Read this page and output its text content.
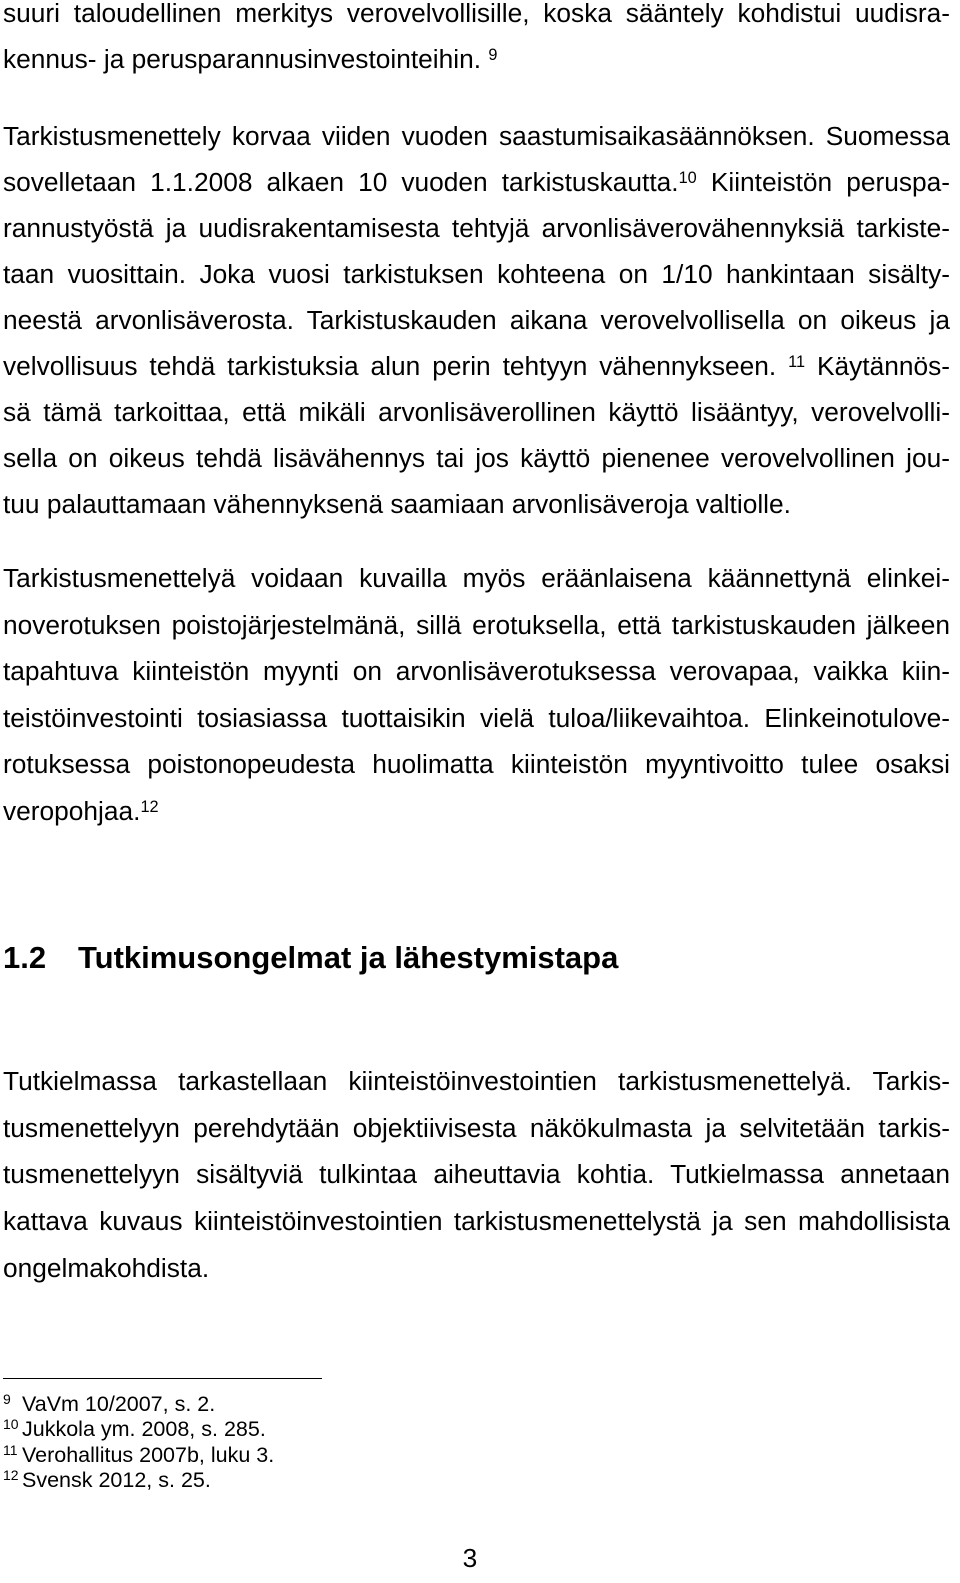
suuri taloudellinen merkitys verovelvollisille, koska sääntely kohdistui uudisra-
kennus- ja perusparannusinvestointeihin. $^9$
Tarkistusmenettely korvaa viiden vuoden saastumisaikasäännöksen. Suomessa
sovelletaan 1.1.2008 alkaen 10 vuoden tarkistuskautta.$^{10}$ Kiinteistön peruspa-
rannustyöstä ja uudisrakentamisesta tehtyjä arvonlisäverovähennyksiä tarkiste-
taan vuosittain. Joka vuosi tarkistuksen kohteena on 1/10 hankintaan sisälty-
neestä arvonlisäverosta. Tarkistuskauden aikana verovelvollisella on oikeus ja
velvollisuus tehdä tarkistuksia alun perin tehtyyn vähennykseen. $^{11}$ Käytännös-
sä tämä tarkoittaa, että mikäli arvonlisäverollinen käyttö lisääntyy, verovelvolli-
sella on oikeus tehdä lisävähennys tai jos käyttö pienenee verovelvollinen jou-
tuu palauttamaan vähennyksenä saamiaan arvonlisäveroja valtiolle.
Tarkistusmenettelyä voidaan kuvailla myös eräänlaisena käännettynä elinkei-
noverotuksen poistojärjestelmänä, sillä erotuksella, että tarkistuskauden jälkeen
tapahtuva kiinteistön myynti on arvonlisäverotuksessa verovapaa, vaikka kiin-
teistöinvestointi tosiasiassa tuottaisikin vielä tuloa/liikevaihtoa. Elinkeinotulove-
rotuksessa poistonopeudesta huolimatta kiinteistön myyntivoitto tulee osaksi
veropohjaa.$^{12}$
1.2 Tutkimusongelmat ja lähestymistapa
Tutkielmassa tarkastellaan kiinteistöinvestointien tarkistusmenettelyä. Tarkis-
tusmenettelyyn perehdytään objektiivisesta näkökulmasta ja selvitetään tarkis-
tusmenettelyyn sisältyviä tulkintaa aiheuttavia kohtia. Tutkielmassa annetaan
kattava kuvaus kiinteistöinvestointien tarkistusmenettelystä ja sen mahdollisista
ongelmakohdista.
9 VaVm 10/2007, s. 2.
10 Jukkola ym. 2008, s. 285.
11 Verohallitus 2007b, luku 3.
12 Svensk 2012, s. 25.
3
